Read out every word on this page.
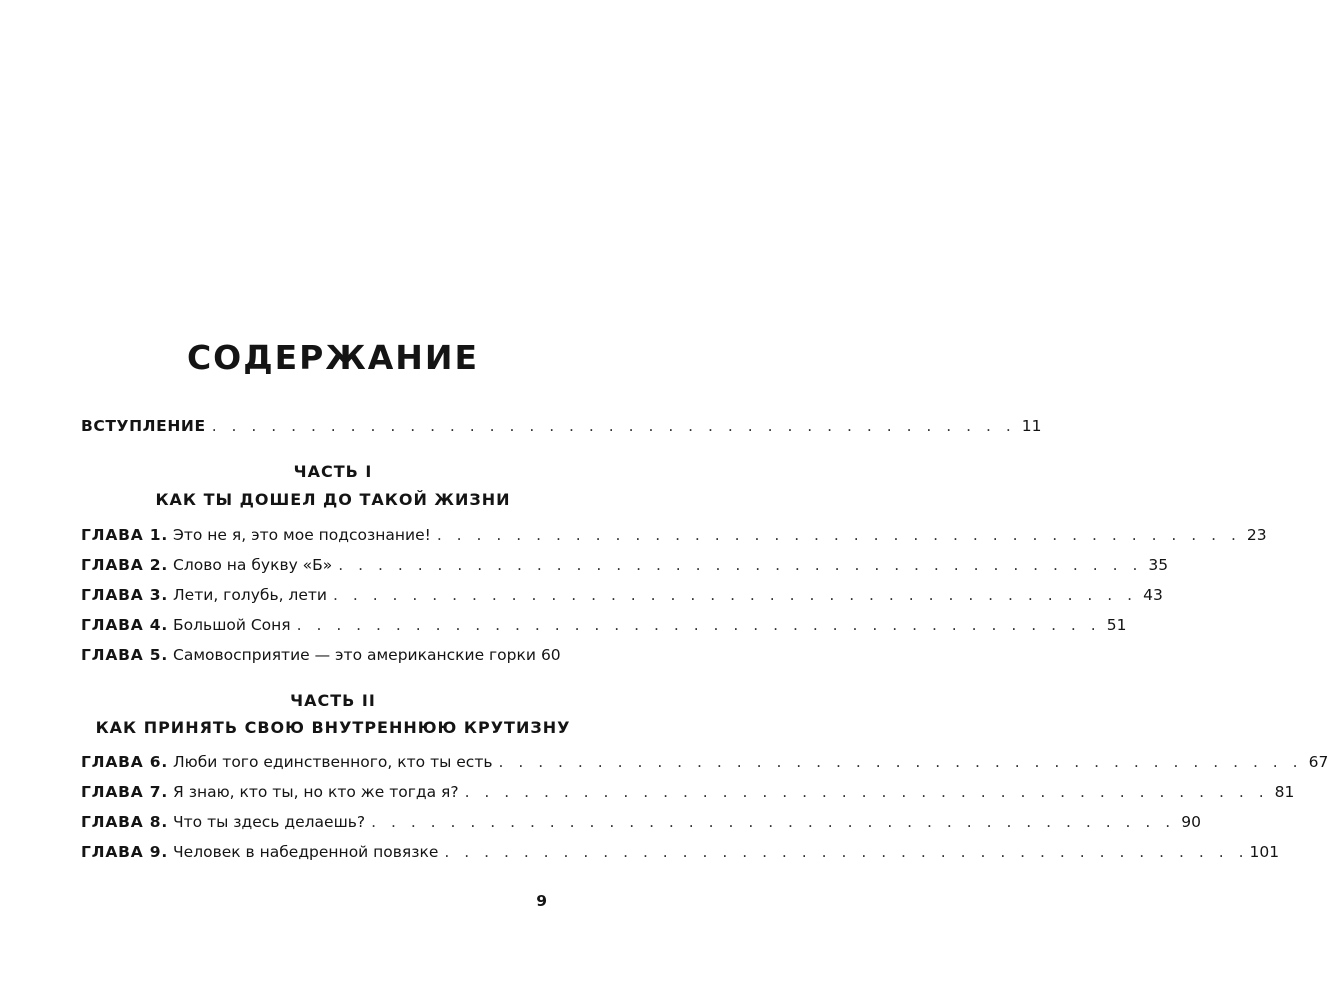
СОДЕРЖАНИЕ
ВСТУПЛЕНИЕ . . . . . . . . . . . . . . . . . . . . . . . . . . . . . . . . . . . . . . . . . 11
ЧАСТЬ I
КАК ТЫ ДОШЕЛ ДО ТАКОЙ ЖИЗНИ
ГЛАВА 1. Это не я, это мое подсознание! . . . . . . . . . . . . . . . . . . . . . . . . . . . . . . . . . . . . . . . . . 23
ГЛАВА 2. Слово на букву «Б» . . . . . . . . . . . . . . . . . . . . . . . . . . . . . . . . . . . . . . . . . 35
ГЛАВА 3. Лети, голубь, лети . . . . . . . . . . . . . . . . . . . . . . . . . . . . . . . . . . . . . . . . . 43
ГЛАВА 4. Большой Соня . . . . . . . . . . . . . . . . . . . . . . . . . . . . . . . . . . . . . . . . . 51
ГЛАВА 5. Самовосприятие — это американские горки 60
ЧАСТЬ II
КАК ПРИНЯТЬ СВОЮ ВНУТРЕННЮЮ КРУТИЗНУ
ГЛАВА 6. Люби того единственного, кто ты есть . . . . . . . . . . . . . . . . . . . . . . . . . . . . . . . . . . . . . . . . . 67
ГЛАВА 7. Я знаю, кто ты, но кто же тогда я? . . . . . . . . . . . . . . . . . . . . . . . . . . . . . . . . . . . . . . . . . 81
ГЛАВА 8. Что ты здесь делаешь? . . . . . . . . . . . . . . . . . . . . . . . . . . . . . . . . . . . . . . . . . 90
ГЛАВА 9. Человек в набедренной повязке . . . . . . . . . . . . . . . . . . . . . . . . . . . . . . . . . . . . . . . . . 101
9
